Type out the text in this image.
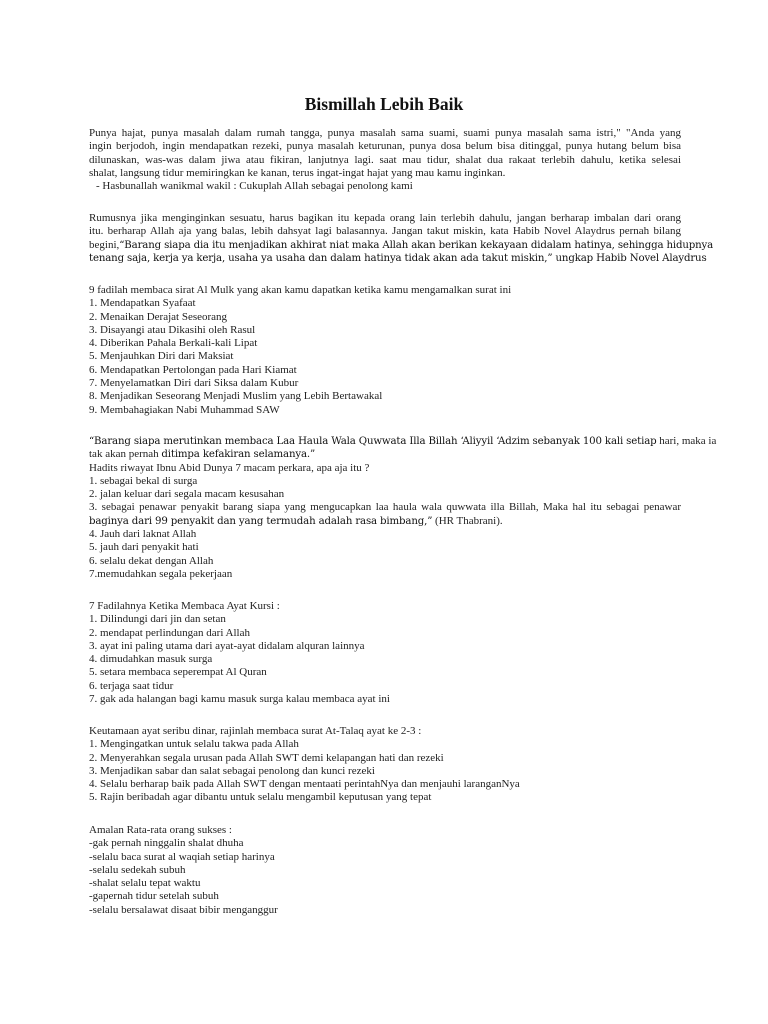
Bismillah Lebih Baik
Punya hajat, punya masalah dalam rumah tangga, punya masalah sama suami, suami punya masalah sama istri," "Anda yang
ingin berjodoh, ingin mendapatkan rezeki, punya masalah keturunan, punya dosa belum bisa ditinggal, punya hutang belum bisa
dilunaskan, was-was dalam jiwa atau fikiran, lanjutnya lagi. saat mau tidur, shalat dua rakaat terlebih dahulu, ketika selesai
shalat, langsung tidur memiringkan ke kanan, terus ingat-ingat hajat yang mau kamu inginkan.
- Hasbunallah wanikmal wakil : Cukuplah Allah sebagai penolong kami
Rumusnya jika menginginkan sesuatu, harus bagikan itu kepada orang lain terlebih dahulu, jangan berharap imbalan dari orang
itu. berharap Allah aja yang balas, lebih dahsyat lagi balasannya. Jangan takut miskin, kata Habib Novel Alaydrus pernah bilang
begini,“Barang siapa dia itu menjadikan akhirat niat maka Allah akan berikan kekayaan didalam hatinya, sehingga hidupnya
tenang saja, kerja ya kerja, usaha ya usaha dan dalam hatinya tidak akan ada takut miskin,” ungkap Habib Novel Alaydrus
9 fadilah membaca sirat Al Mulk yang akan kamu dapatkan ketika kamu mengamalkan surat ini
1. Mendapatkan Syafaat
2. Menaikan Derajat Seseorang
3. Disayangi atau Dikasihi oleh Rasul
4. Diberikan Pahala Berkali-kali Lipat
5. Menjauhkan Diri dari Maksiat
6. Mendapatkan Pertolongan pada Hari Kiamat
7. Menyelamatkan Diri dari Siksa dalam Kubur
8. Menjadikan Seseorang Menjadi Muslim yang Lebih Bertawakal
9. Membahagiakan Nabi Muhammad SAW
“Barang siapa merutinkan membaca Laa Haula Wala Quwwata Illa Billah ‘Aliyyil ‘Adzim sebanyak 100 kali setiap hari, maka ia
tak akan pernah ditimpa kefakiran selamanya.”
Hadits riwayat Ibnu Abid Dunya 7 macam perkara, apa aja itu ?
1. sebagai bekal di surga
2. jalan keluar dari segala macam kesusahan
3. sebagai penawar penyakit barang siapa yang mengucapkan laa haula wala quwwata illa Billah, Maka hal itu sebagai penawar
baginya dari 99 penyakit dan yang termudah adalah rasa bimbang,” (HR Thabrani).
4. Jauh dari laknat Allah
5. jauh dari penyakit hati
6. selalu dekat dengan Allah
7.memudahkan segala pekerjaan
7 Fadilahnya Ketika Membaca Ayat Kursi :
1. Dilindungi dari jin dan setan
2. mendapat perlindungan dari Allah
3. ayat ini paling utama dari ayat-ayat didalam alquran lainnya
4. dimudahkan masuk surga
5. setara membaca seperempat Al Quran
6. terjaga saat tidur
7. gak ada halangan bagi kamu masuk surga kalau membaca ayat ini
Keutamaan ayat seribu dinar, rajinlah membaca surat At-Talaq ayat ke 2-3 :
1. Mengingatkan untuk selalu takwa pada Allah
2. Menyerahkan segala urusan pada Allah SWT demi kelapangan hati dan rezeki
3. Menjadikan sabar dan salat sebagai penolong dan kunci rezeki
4. Selalu berharap baik pada Allah SWT dengan mentaati perintahNya dan menjauhi laranganNya
5. Rajin beribadah agar dibantu untuk selalu mengambil keputusan yang tepat
Amalan Rata-rata orang sukses :
-gak pernah ninggalin shalat dhuha
-selalu baca surat al waqiah setiap harinya
-selalu sedekah subuh
-shalat selalu tepat waktu
-gapernah tidur setelah subuh
-selalu bersalawat disaat bibir menganggur
